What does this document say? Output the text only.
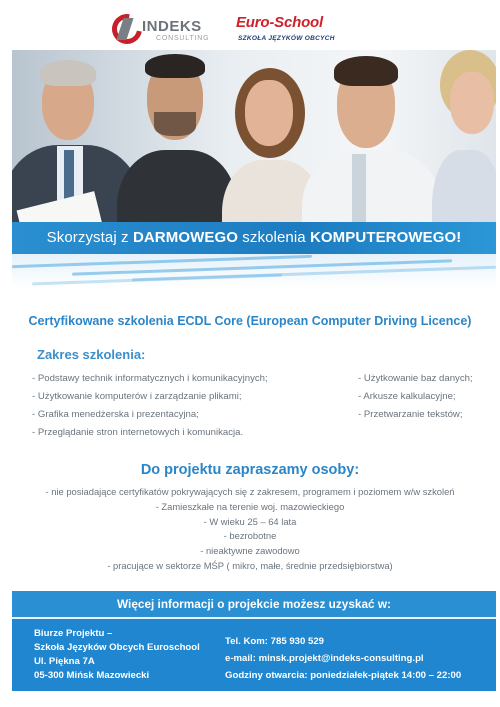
INDEKS
CONSULTING
Euro-School
SZKOŁA JĘZYKÓW OBCYCH
Skorzystaj z DARMOWEGO szkolenia KOMPUTEROWEGO!
Certyfikowane szkolenia ECDL Core (European Computer Driving Licence)
Zakres szkolenia:
- Podstawy technik informatycznych i komunikacyjnych;
- Użytkowanie komputerów i zarządzanie plikami;
- Grafika menedżerska i prezentacyjna;
- Przeglądanie stron internetowych i komunikacja.
- Użytkowanie baz danych;
- Arkusze kalkulacyjne;
- Przetwarzanie tekstów;
Do projektu zapraszamy osoby:
- nie posiadające certyfikatów pokrywających się z zakresem, programem i poziomem w/w szkoleń
- Zamieszkałe na terenie woj. mazowieckiego
- W wieku 25 – 64 lata
- bezrobotne
- nieaktywne zawodowo
- pracujące w sektorze MŚP ( mikro, małe, średnie przedsiębiorstwa)
Więcej informacji o projekcie możesz uzyskać w:
Biurze Projektu –
Szkoła Języków Obcych Euroschool
Ul. Piękna 7A
05-300 Mińsk Mazowiecki
Tel. Kom: 785 930 529
e-mail: minsk.projekt@indeks-consulting.pl
Godziny otwarcia: poniedziałek-piątek 14:00 – 22:00
